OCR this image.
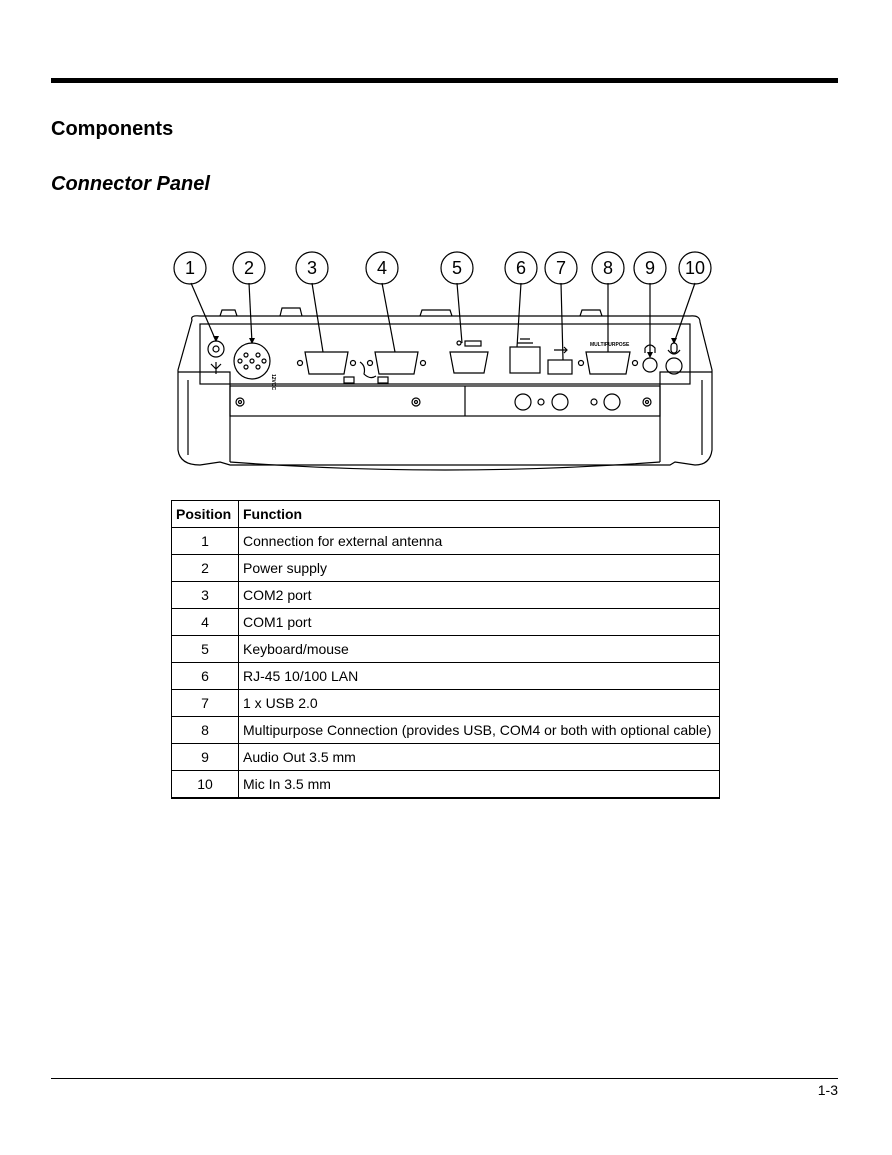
Components
Connector Panel
1	2	3	4	5	6 7 8 9 10
12VDC
MULTIPURPOSE
Position	Function
1	Connection for external antenna
2	Power supply
3	COM2 port
4	COM1 port
5	Keyboard/mouse
6	RJ-45 10/100 LAN
7	1 x USB 2.0
8	Multipurpose Connection (provides USB, COM4 or both with optional cable)
9	Audio Out 3.5 mm
10	Mic In 3.5 mm
1-3
